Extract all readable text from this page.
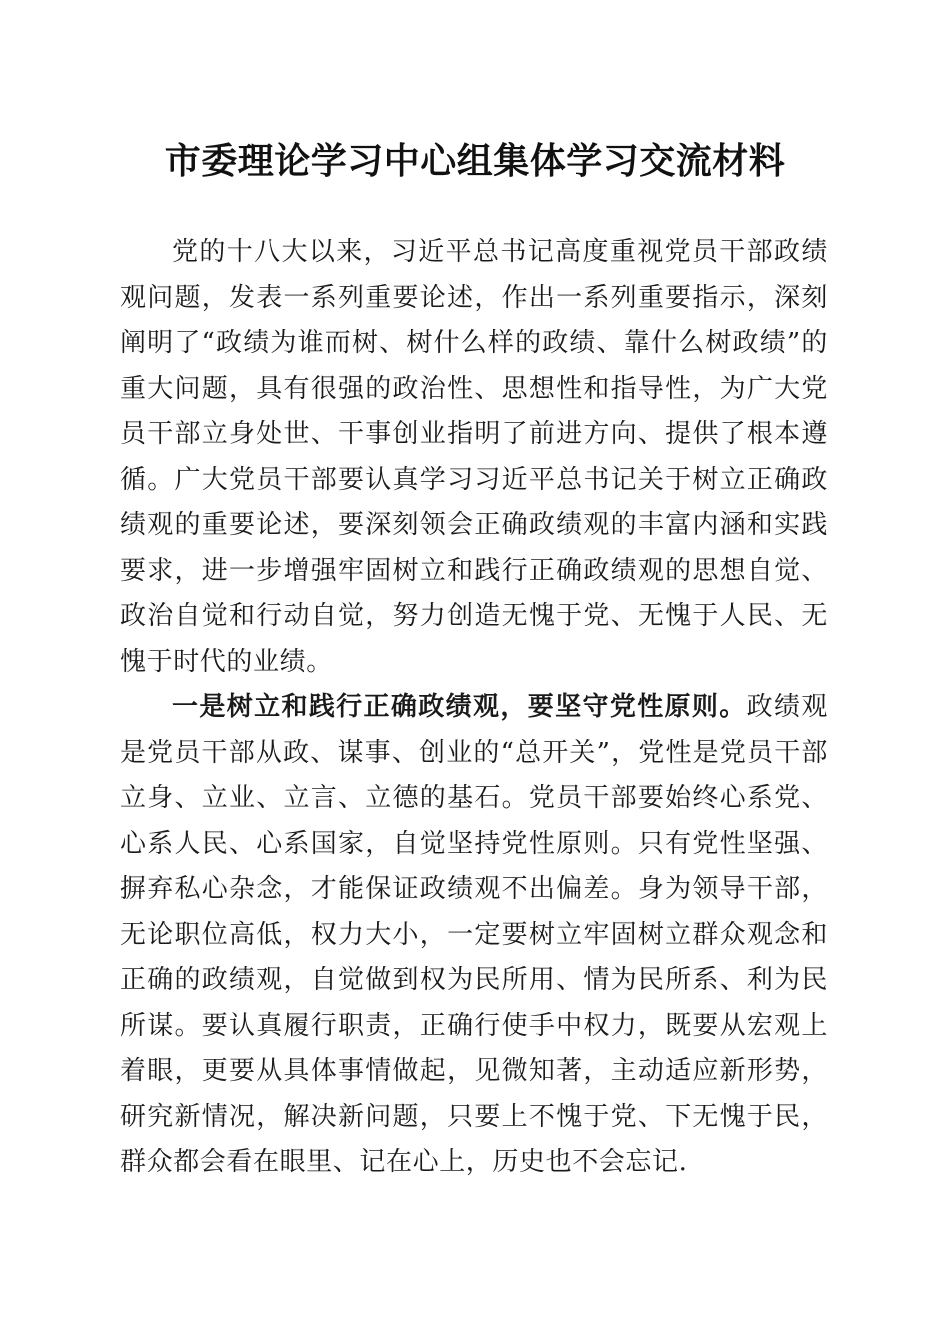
市委理论学习中心组集体学习交流材料

党的十八大以来，习近平总书记高度重视党员干部政绩观问题，发表一系列重要论述，作出一系列重要指示，深刻阐明了“政绩为谁而树、树什么样的政绩、靠什么树政绩”的重大问题，具有很强的政治性、思想性和指导性，为广大党员干部立身处世、干事创业指明了前进方向、提供了根本遵循。广大党员干部要认真学习习近平总书记关于树立正确政绩观的重要论述，要深刻领会正确政绩观的丰富内涵和实践要求，进一步增强牢固树立和践行正确政绩观的思想自觉、政治自觉和行动自觉，努力创造无愧于党、无愧于人民、无愧于时代的业绩。

一是树立和践行正确政绩观，要坚守党性原则。政绩观是党员干部从政、谋事、创业的“总开关”，党性是党员干部立身、立业、立言、立德的基石。党员干部要始终心系党、心系人民、心系国家，自觉坚持党性原则。只有党性坚强、摒弃私心杂念，才能保证政绩观不出偏差。身为领导干部，无论职位高低，权力大小，一定要树立牢固树立群众观念和正确的政绩观，自觉做到权为民所用、情为民所系、利为民所谋。要认真履行职责，正确行使手中权力，既要从宏观上着眼，更要从具体事情做起，见微知著，主动适应新形势，研究新情况，解决新问题，只要上不愧于党、下无愧于民，群众都会看在眼里、记在心上，历史也不会忘记.
